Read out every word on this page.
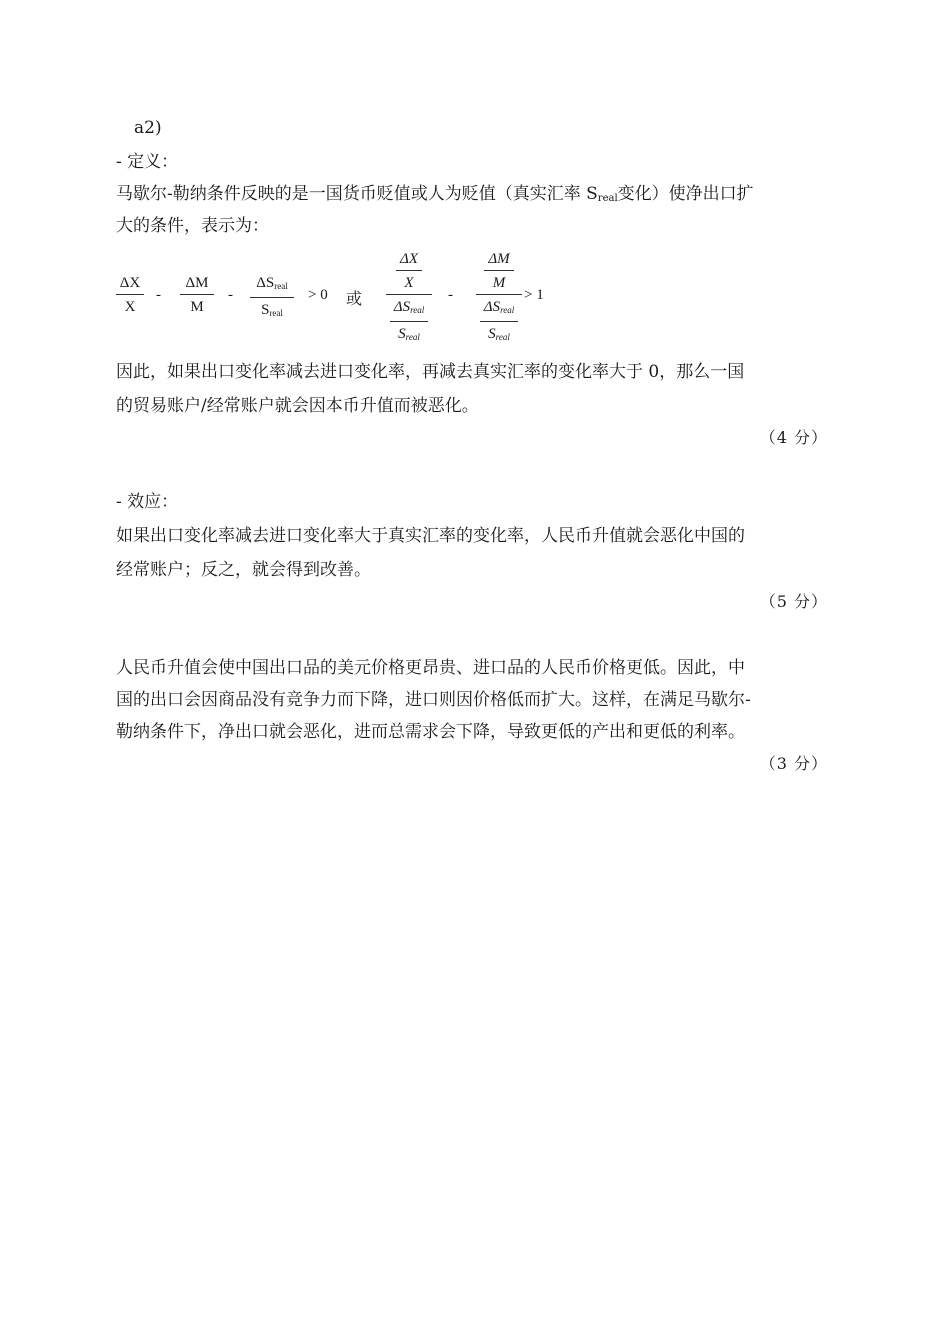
a2)
- 定义：
马歇尔-勒纳条件反映的是一国货币贬值或人为贬值（真实汇率 $S_{real}$变化）使净出口扩
大的条件，表示为：
ΔX
X
-
ΔM
M
-
ΔSreal
Sreal
> 0 或
ΔX
X
ΔSreal
Sreal
-
ΔM
M
ΔSreal
Sreal
> 1
因此，如果出口变化率减去进口变化率，再减去真实汇率的变化率大于 0，那么一国
的贸易账户/经常账户就会因本币升值而被恶化。
（4 分）
- 效应：
如果出口变化率减去进口变化率大于真实汇率的变化率，人民币升值就会恶化中国的
经常账户；反之，就会得到改善。
（5 分）
人民币升值会使中国出口品的美元价格更昂贵、进口品的人民币价格更低。因此，中
国的出口会因商品没有竞争力而下降，进口则因价格低而扩大。这样，在满足马歇尔-
勒纳条件下，净出口就会恶化，进而总需求会下降，导致更低的产出和更低的利率。
（3 分）
